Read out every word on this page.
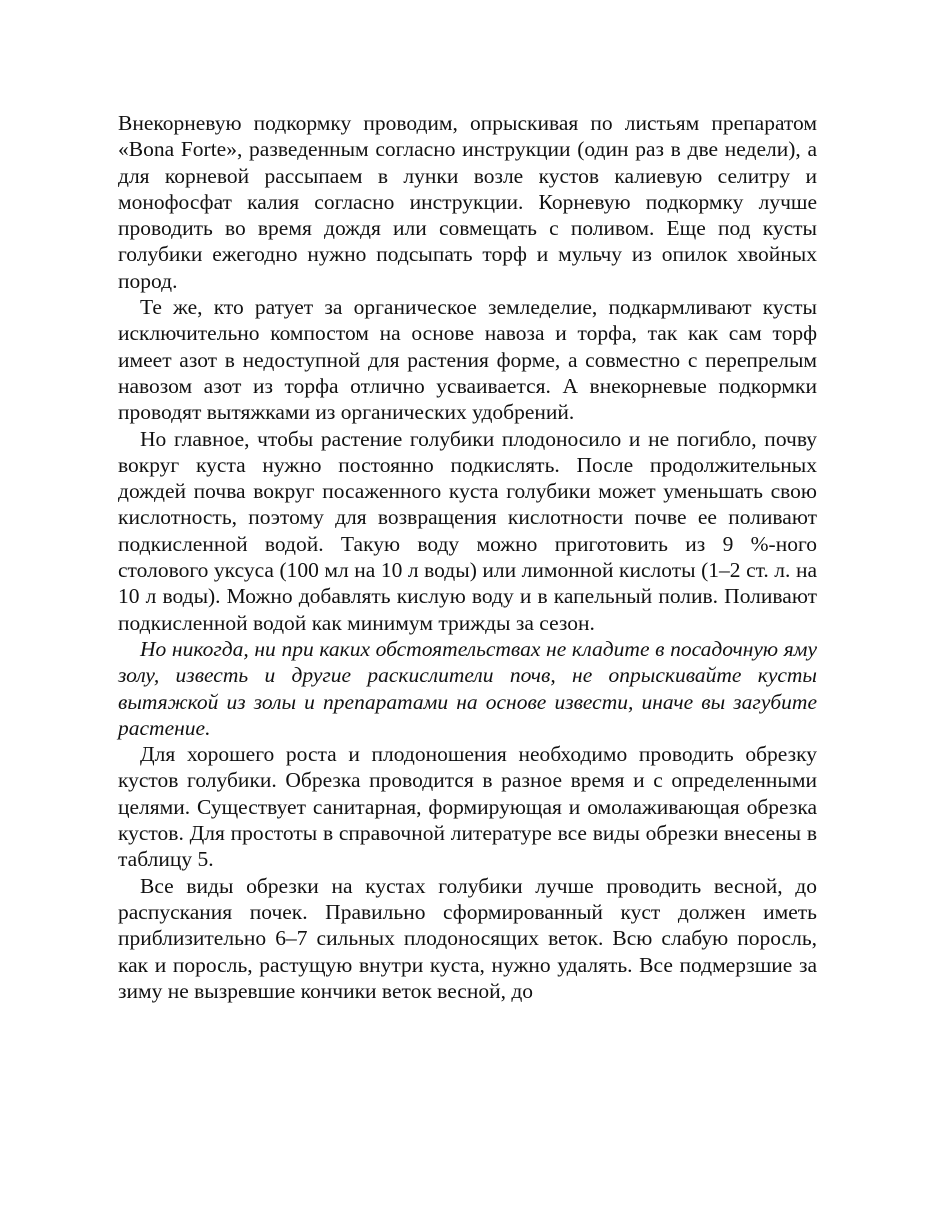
Внекорневую подкормку проводим, опрыскивая по листьям препаратом «Bona Forte», разведенным согласно инструкции (один раз в две недели), а для корневой рассыпаем в лунки возле кустов калиевую селитру и монофосфат калия согласно инструкции. Корневую подкормку лучше проводить во время дождя или совмещать с поливом. Еще под кусты голубики ежегодно нужно подсыпать торф и мульчу из опилок хвойных пород.

Те же, кто ратует за органическое земледелие, подкармливают кусты исключительно компостом на основе навоза и торфа, так как сам торф имеет азот в недоступной для растения форме, а совместно с перепрелым навозом азот из торфа отлично усваивается. А внекорневые подкормки проводят вытяжками из органических удобрений.

Но главное, чтобы растение голубики плодоносило и не погибло, почву вокруг куста нужно постоянно подкислять. После продолжительных дождей почва вокруг посаженного куста голубики может уменьшать свою кислотность, поэтому для возвращения кислотности почве ее поливают подкисленной водой. Такую воду можно приготовить из 9 %-ного столового уксуса (100 мл на 10 л воды) или лимонной кислоты (1–2 ст. л. на 10 л воды). Можно добавлять кислую воду и в капельный полив. Поливают подкисленной водой как минимум трижды за сезон.

Но никогда, ни при каких обстоятельствах не кладите в посадочную яму золу, известь и другие раскислители почв, не опрыскивайте кусты вытяжкой из золы и препаратами на основе извести, иначе вы загубите растение.

Для хорошего роста и плодоношения необходимо проводить обрезку кустов голубики. Обрезка проводится в разное время и с определенными целями. Существует санитарная, формирующая и омолаживающая обрезка кустов. Для простоты в справочной литературе все виды обрезки внесены в таблицу 5.

Все виды обрезки на кустах голубики лучше проводить весной, до распускания почек. Правильно сформированный куст должен иметь приблизительно 6–7 сильных плодоносящих веток. Всю слабую поросль, как и поросль, растущую внутри куста, нужно удалять. Все подмерзшие за зиму не вызревшие кончики веток весной, до
